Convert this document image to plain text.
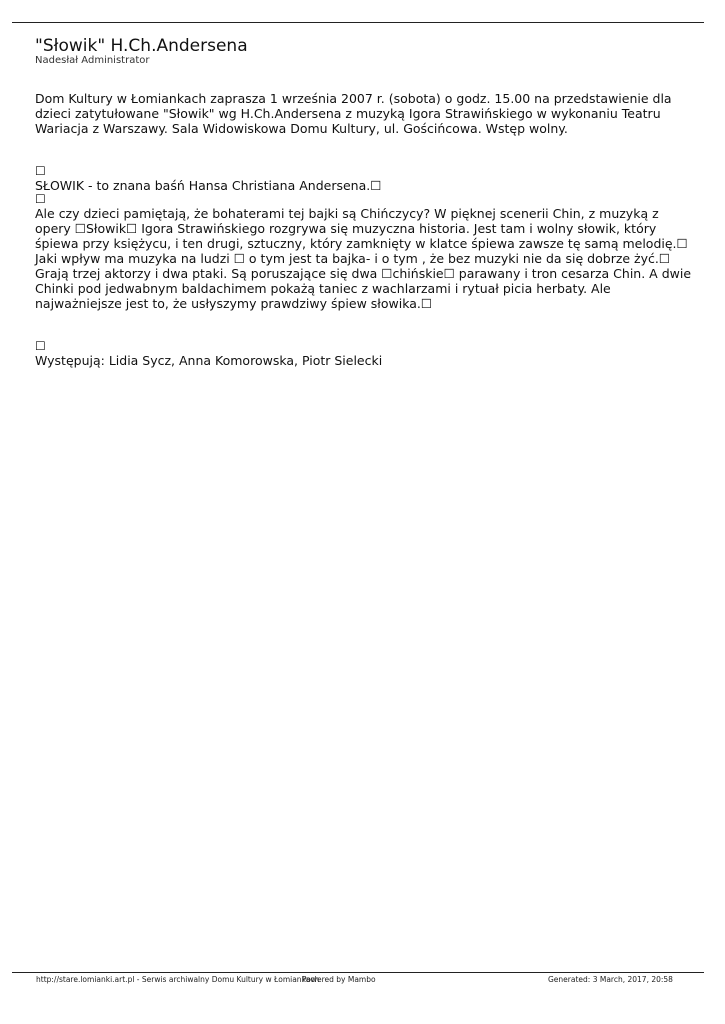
"Słowik" H.Ch.Andersena
Nadesłał Administrator
Dom Kultury w Łomiankach zaprasza 1 września 2007 r. (sobota) o godz. 15.00 na przedstawienie dla
dzieci zatytułowane "Słowik" wg H.Ch.Andersena z muzyką Igora Strawińskiego w wykonaniu Teatru
Wariacja z Warszawy. Sala Widowiskowa Domu Kultury, ul. Gościńcowa. Wstęp wolny.
☐
SŁOWIK - to znana baśń Hansa Christiana Andersena.☐
☐
Ale czy dzieci pamiętają, że bohaterami tej bajki są Chińczycy? W pięknej scenerii Chin, z muzyką z
opery ☐Słowik☐ Igora Strawińskiego rozgrywa się muzyczna historia. Jest tam i wolny słowik, który
śpiewa przy księżycu, i ten drugi, sztuczny, który zamknięty w klatce śpiewa zawsze tę samą melodię.☐
Jaki wpływ ma muzyka na ludzi ☐ o tym jest ta bajka- i o tym , że bez muzyki nie da się dobrze żyć.☐
Grają trzej aktorzy i dwa ptaki. Są poruszające się dwa ☐chińskie☐ parawany i tron cesarza Chin. A dwie
Chinki pod jedwabnym baldachimem pokażą taniec z wachlarzami i rytuał picia herbaty. Ale
najważniejsze jest to, że usłyszymy prawdziwy śpiew słowika.☐
☐
Występują: Lidia Sycz, Anna Komorowska, Piotr Sielecki
http://stare.lomianki.art.pl - Serwis archiwalny Domu Kultury w Łomiankach
Powered by Mambo	Generated: 3 March, 2017, 20:58
